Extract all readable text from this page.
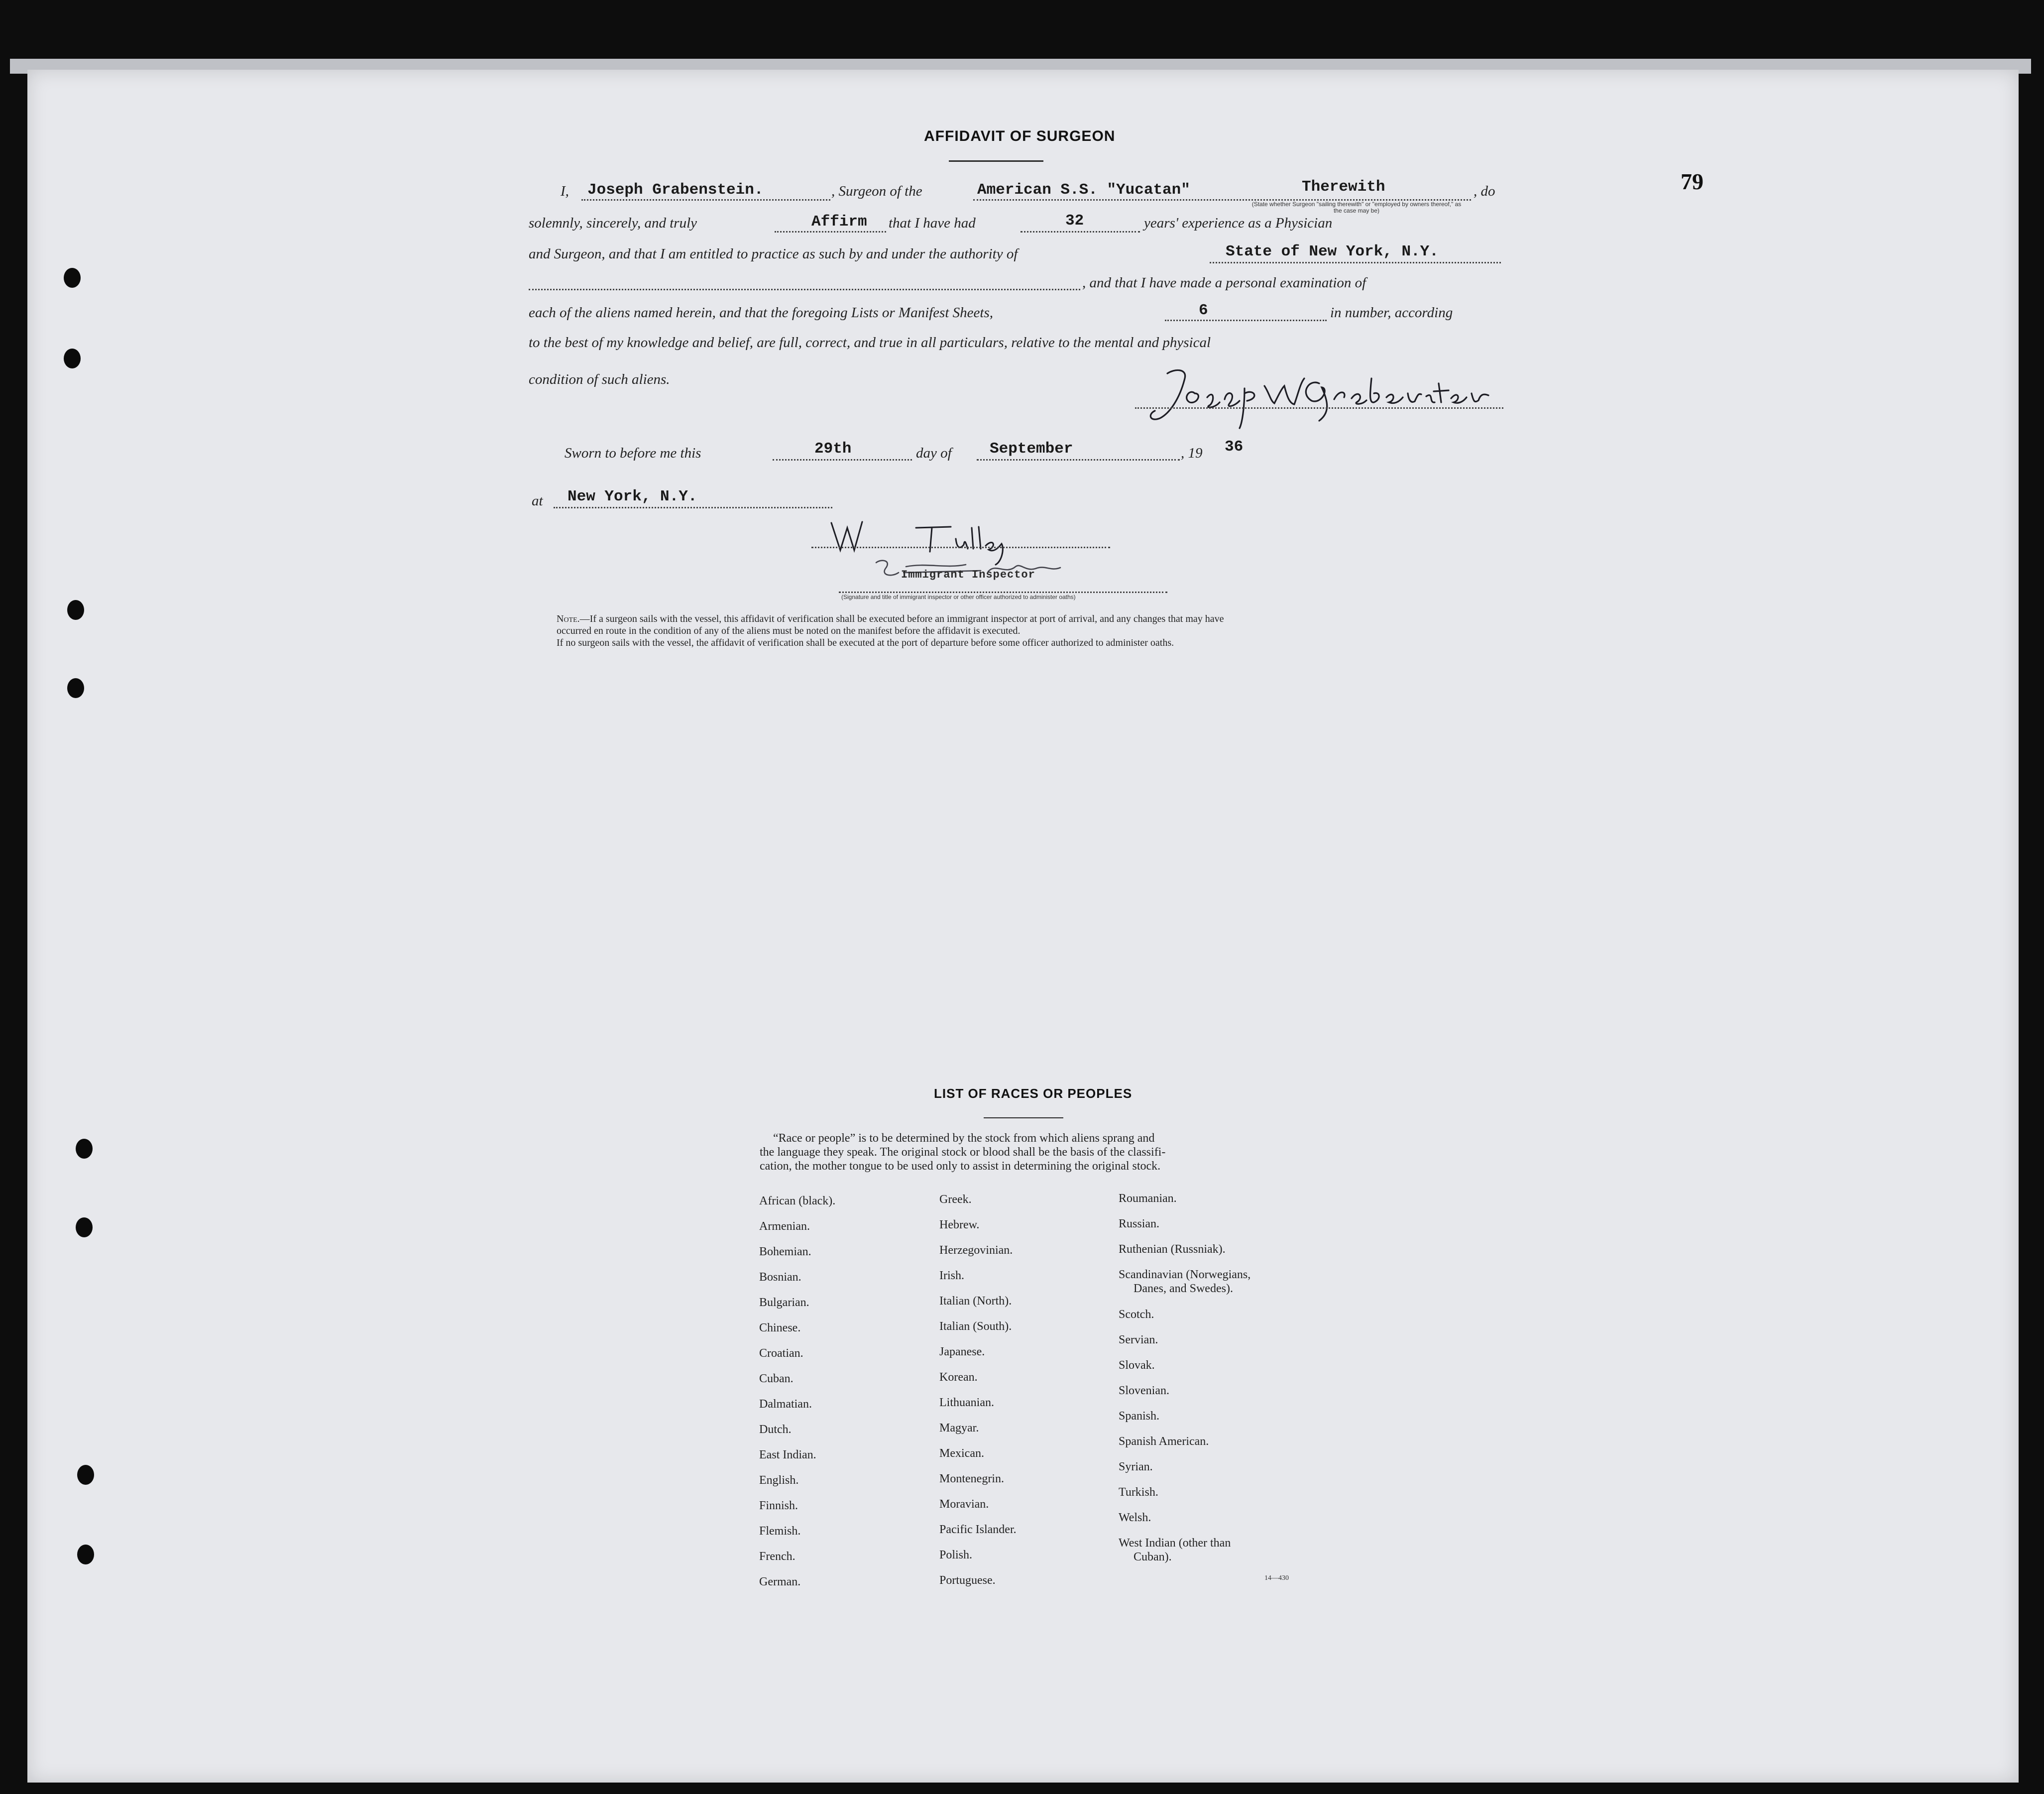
AFFIDAVIT OF SURGEON
79
I, Joseph Grabenstein.	, Surgeon of the	American S.S. "Yucatan"	Therewith	, do
(State whether Surgeon "sailing therewith" or "employed by owners thereof," as the case may be)
solemnly, sincerely, and truly	Affirm that I have had	32	years' experience as a Physician
and Surgeon, and that I am entitled to practice as such by and under the authority of	State of New York, N.Y.
, and that I have made a personal examination of
each of the aliens named herein, and that the foregoing Lists or Manifest Sheets,	6	in number, according
to the best of my knowledge and belief, are full, correct, and true in all particulars, relative to the mental and physical
condition of such aliens.
Sworn to before me this	29th	day of September	, 19 36
at New York, N.Y.
Immigrant Inspector
(Signature and title of immigrant inspector or other officer authorized to administer oaths)
Note.—If a surgeon sails with the vessel, this affidavit of verification shall be executed before an immigrant inspector at port of arrival, and any changes that may have
occurred en route in the condition of any of the aliens must be noted on the manifest before the affidavit is executed.
If no surgeon sails with the vessel, the affidavit of verification shall be executed at the port of departure before some officer authorized to administer oaths.
LIST OF RACES OR PEOPLES
“Race or people” is to be determined by the stock from which aliens sprang and
the language they speak. The original stock or blood shall be the basis of the classifi-
cation, the mother tongue to be used only to assist in determining the original stock.
African (black).
Armenian.
Bohemian.
Bosnian.
Bulgarian.
Chinese.
Croatian.
Cuban.
Dalmatian.
Dutch.
East Indian.
English.
Finnish.
Flemish.
French.
German.
Greek.
Hebrew.
Herzegovinian.
Irish.
Italian (North).
Italian (South).
Japanese.
Korean.
Lithuanian.
Magyar.
Mexican.
Montenegrin.
Moravian.
Pacific Islander.
Polish.
Portuguese.
Roumanian.
Russian.
Ruthenian (Russniak).
Scandinavian (Norwegians,
Danes, and Swedes).
Scotch.
Servian.
Slovak.
Slovenian.
Spanish.
Spanish American.
Syrian.
Turkish.
Welsh.
West Indian (other than
Cuban).
14—430
